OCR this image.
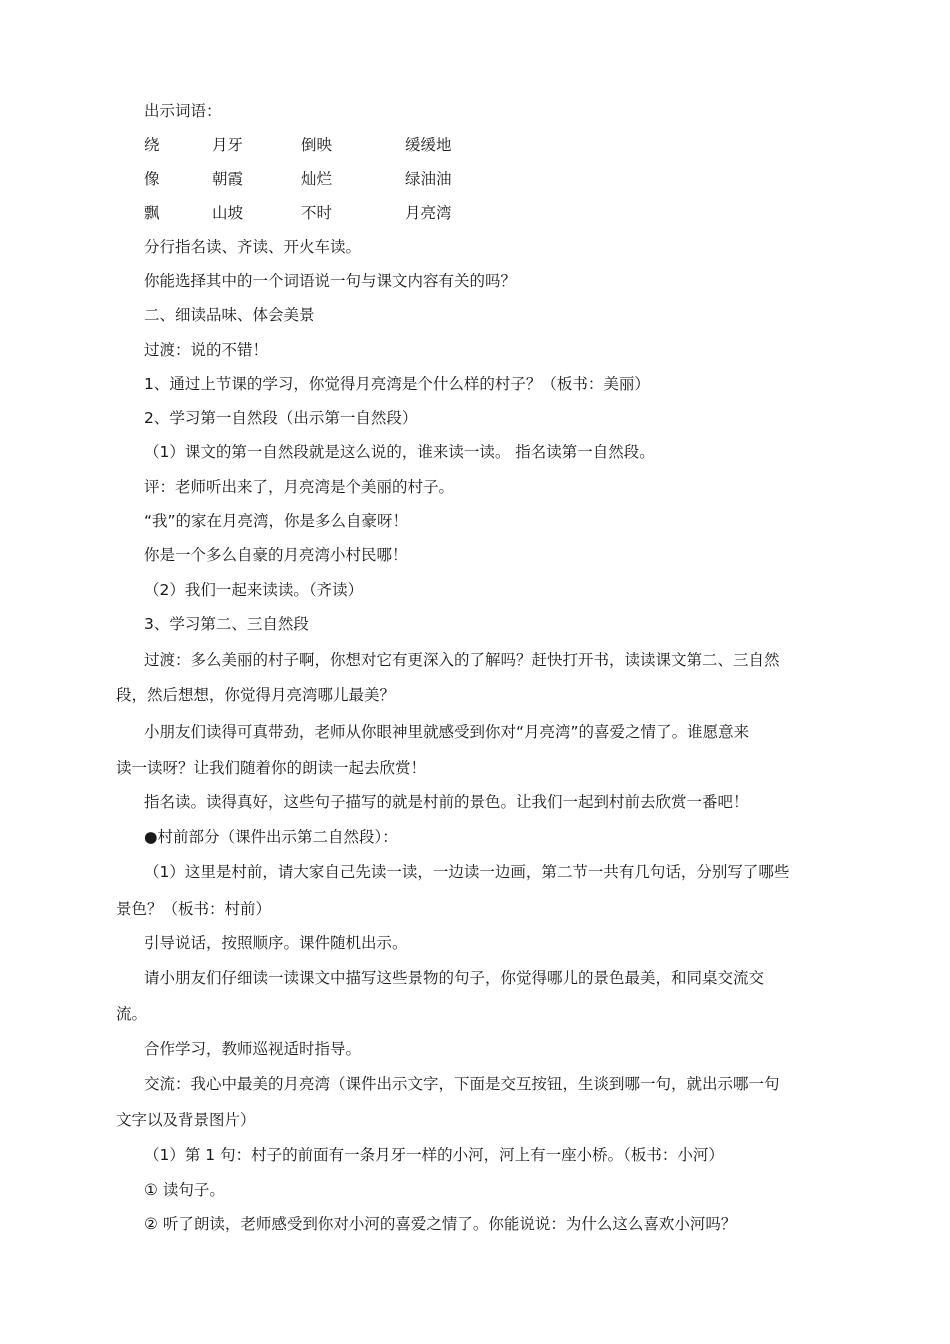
出示词语：
绕	月牙	倒映	缓缓地
像	朝霞	灿烂	绿油油
飘	山坡	不时	月亮湾
分行指名读、齐读、开火车读。
你能选择其中的一个词语说一句与课文内容有关的吗？
二、细读品味、体会美景
过渡：说的不错！
1、通过上节课的学习，你觉得月亮湾是个什么样的村子？（板书：美丽）
2、学习第一自然段（出示第一自然段）
（1）课文的第一自然段就是这么说的，谁来读一读。 指名读第一自然段。
评：老师听出来了，月亮湾是个美丽的村子。
“我”的家在月亮湾，你是多么自豪呀！
你是一个多么自豪的月亮湾小村民哪！
（2）我们一起来读读。（齐读）
3、学习第二、三自然段
过渡：多么美丽的村子啊，你想对它有更深入的了解吗？赶快打开书，读读课文第二、三自然
段，然后想想，你觉得月亮湾哪儿最美？
小朋友们读得可真带劲，老师从你眼神里就感受到你对“月亮湾”的喜爱之情了。谁愿意来
读一读呀？让我们随着你的朗读一起去欣赏！
指名读。读得真好，这些句子描写的就是村前的景色。让我们一起到村前去欣赏一番吧！
●村前部分（课件出示第二自然段）：
（1）这里是村前，请大家自己先读一读，一边读一边画，第二节一共有几句话，分别写了哪些
景色？（板书：村前）
引导说话，按照顺序。课件随机出示。
请小朋友们仔细读一读课文中描写这些景物的句子，你觉得哪儿的景色最美，和同桌交流交
流。
合作学习，教师巡视适时指导。
交流：我心中最美的月亮湾（课件出示文字，下面是交互按钮，生谈到哪一句，就出示哪一句
文字以及背景图片）
（1）第 1 句：村子的前面有一条月牙一样的小河，河上有一座小桥。（板书：小河）
① 读句子。
② 听了朗读，老师感受到你对小河的喜爱之情了。你能说说：为什么这么喜欢小河吗？
